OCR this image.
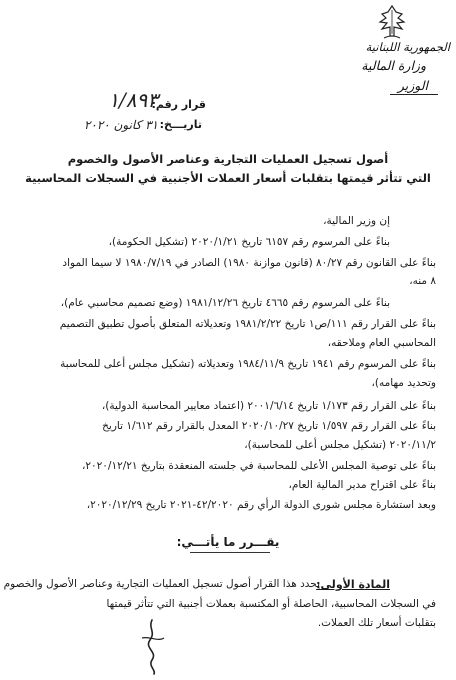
الجمهورية اللبنانية
وزارة المالية
الوزير
قرار رقم:
١/٨٩٣
تاريـــخ:
٣١ كانون ٢٠٢٠
أصول تسجيل العمليات التجارية وعناصر الأصول والخصوم
التي تتأثر قيمتها بتقلبات أسعار العملات الأجنبية في السجلات المحاسبية
إن وزير المالية،
بناءً على المرسوم رقم ٦١٥٧ تاريخ ٢٠٢٠/١/٢١ (تشكيل الحكومة)،
بناءً على القانون رقم ٨٠/٢٧ (قانون موازنة ١٩٨٠) الصادر في ١٩٨٠/٧/١٩ لا سيما المواد
٨ منه،
بناءً على المرسوم رقم ٤٦٦٥ تاريخ ١٩٨١/١٢/٢٦ (وضع تصميم محاسبي عام)،
بناءً على القرار رقم ١١١/ص١ تاريخ ١٩٨١/٢/٢٢ وتعديلاته المتعلق بأصول تطبيق التصميم
المحاسبي العام وملاحقه،
بناءً على المرسوم رقم ١٩٤١ تاريخ ١٩٨٤/١١/٩ وتعديلاته (تشكيل مجلس أعلى للمحاسبة
وتحديد مهامه)،
بناءً على القرار رقم ١/١٧٣ تاريخ ٢٠٠١/٦/١٤ (اعتماد معايير المحاسبة الدولية)،
بناءً على القرار رقم ١/٥٩٧ تاريخ ٢٠٢٠/١٠/٢٧ المعدل بالقرار رقم ١/٦١٢ تاريخ
٢٠٢٠/١١/٢ (تشكيل مجلس أعلى للمحاسبة)،
بناءً على توصية المجلس الأعلى للمحاسبة في جلسته المنعقدة بتاريخ ٢٠٢٠/١٢/٢١،
بناءً على اقتراح مدير المالية العام،
وبعد استشارة مجلس شورى الدولة الرأي رقم ٤٢/٢٠٢٠-٢٠٢١ تاريخ ٢٠٢٠/١٢/٢٩،
يقـــرر ما يأتـــي:
المادة الأولى:
يحدد هذا القرار أصول تسجيل العمليات التجارية وعناصر الأصول والخصوم
في السجلات المحاسبية، الحاصلة أو المكتسبة بعملات أجنبية التي تتأثر قيمتها
بتقلبات أسعار تلك العملات.
